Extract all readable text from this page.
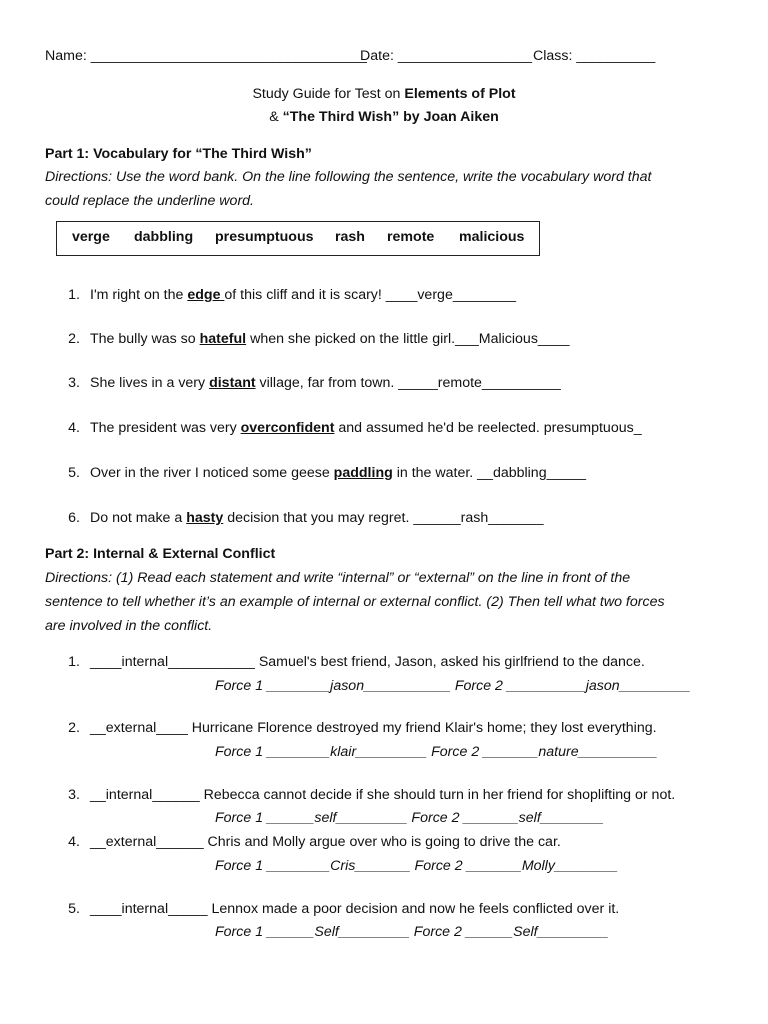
Name: ___________________________________
Date: _________________ Class: __________
Study Guide for Test on Elements of Plot
& “The Third Wish” by Joan Aiken
Part 1: Vocabulary for “The Third Wish”
Directions: Use the word bank. On the line following the sentence, write the vocabulary word that
could replace the underline word.
verge dabbling presumptuous rash remote malicious
1. I'm right on the edge of this cliff and it is scary! ____verge________
2. The bully was so hateful when she picked on the little girl.___Malicious____
3. She lives in a very distant village, far from town. _____remote__________
4. The president was very overconfident and assumed he'd be reelected. presumptuous_
5. Over in the river I noticed some geese paddling in the water. __dabbling_____
6. Do not make a hasty decision that you may regret. ______rash_______
Part 2: Internal & External Conflict
Directions: (1) Read each statement and write “internal” or “external” on the line in front of the
sentence to tell whether it’s an example of internal or external conflict. (2) Then tell what two forces
are involved in the conflict.
1. ____internal___________ Samuel's best friend, Jason, asked his girlfriend to the dance.
Force 1 ________jason___________ Force 2 __________jason_________
2. __external____ Hurricane Florence destroyed my friend Klair's home; they lost everything.
Force 1 ________klair_________ Force 2 _______nature__________
3. __internal______ Rebecca cannot decide if she should turn in her friend for shoplifting or not.
Force 1 ______self_________ Force 2 _______self________
4. __external______ Chris and Molly argue over who is going to drive the car.
Force 1 ________Cris_______ Force 2 _______Molly________
5. ____internal_____ Lennox made a poor decision and now he feels conflicted over it.
Force 1 ______Self_________ Force 2 ______Self_________
